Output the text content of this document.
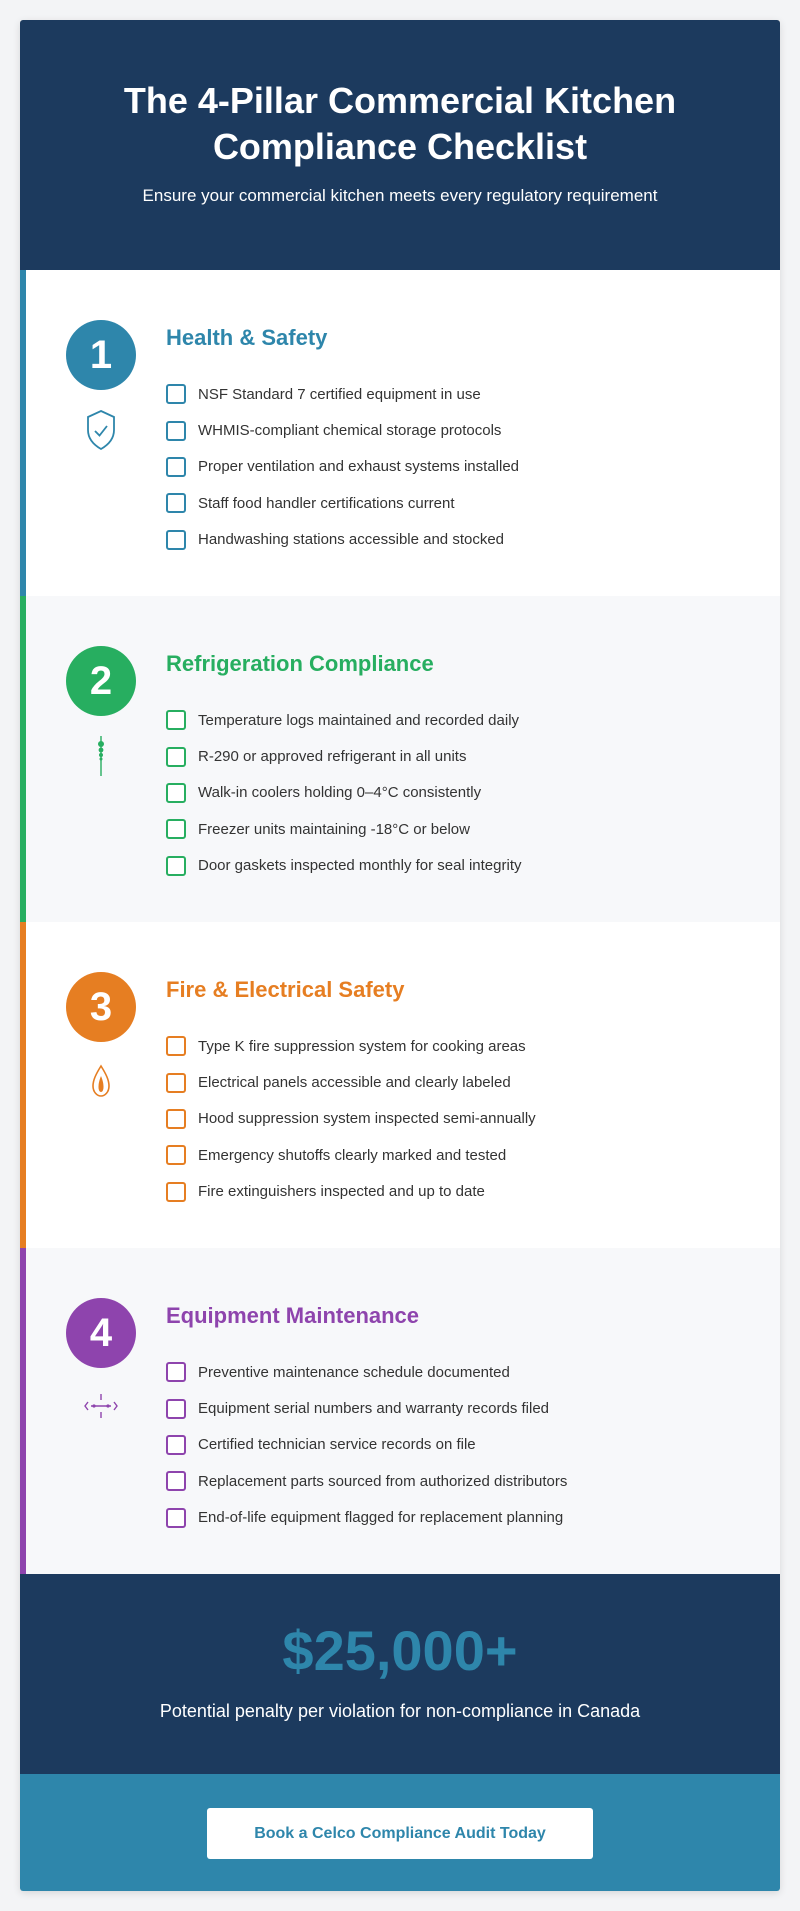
The 4-Pillar Commercial Kitchen Compliance Checklist

Ensure your commercial kitchen meets every regulatory requirement

1	Health & Safety
NSF Standard 7 certified equipment in use
WHMIS-compliant chemical storage protocols
Proper ventilation and exhaust systems installed
Staff food handler certifications current
Handwashing stations accessible and stocked
2	Refrigeration Compliance
Temperature logs maintained and recorded daily
R-290 or approved refrigerant in all units
Walk-in coolers holding 0–4°C consistently
Freezer units maintaining -18°C or below
Door gaskets inspected monthly for seal integrity
3	Fire & Electrical Safety
Type K fire suppression system for cooking areas
Electrical panels accessible and clearly labeled
Hood suppression system inspected semi-annually
Emergency shutoffs clearly marked and tested
Fire extinguishers inspected and up to date
4	Equipment Maintenance
Preventive maintenance schedule documented
Equipment serial numbers and warranty records filed
Certified technician service records on file
Replacement parts sourced from authorized distributors
End-of-life equipment flagged for replacement planning
$25,000+
Potential penalty per violation for non-compliance in Canada
Book a Celco Compliance Audit Today
